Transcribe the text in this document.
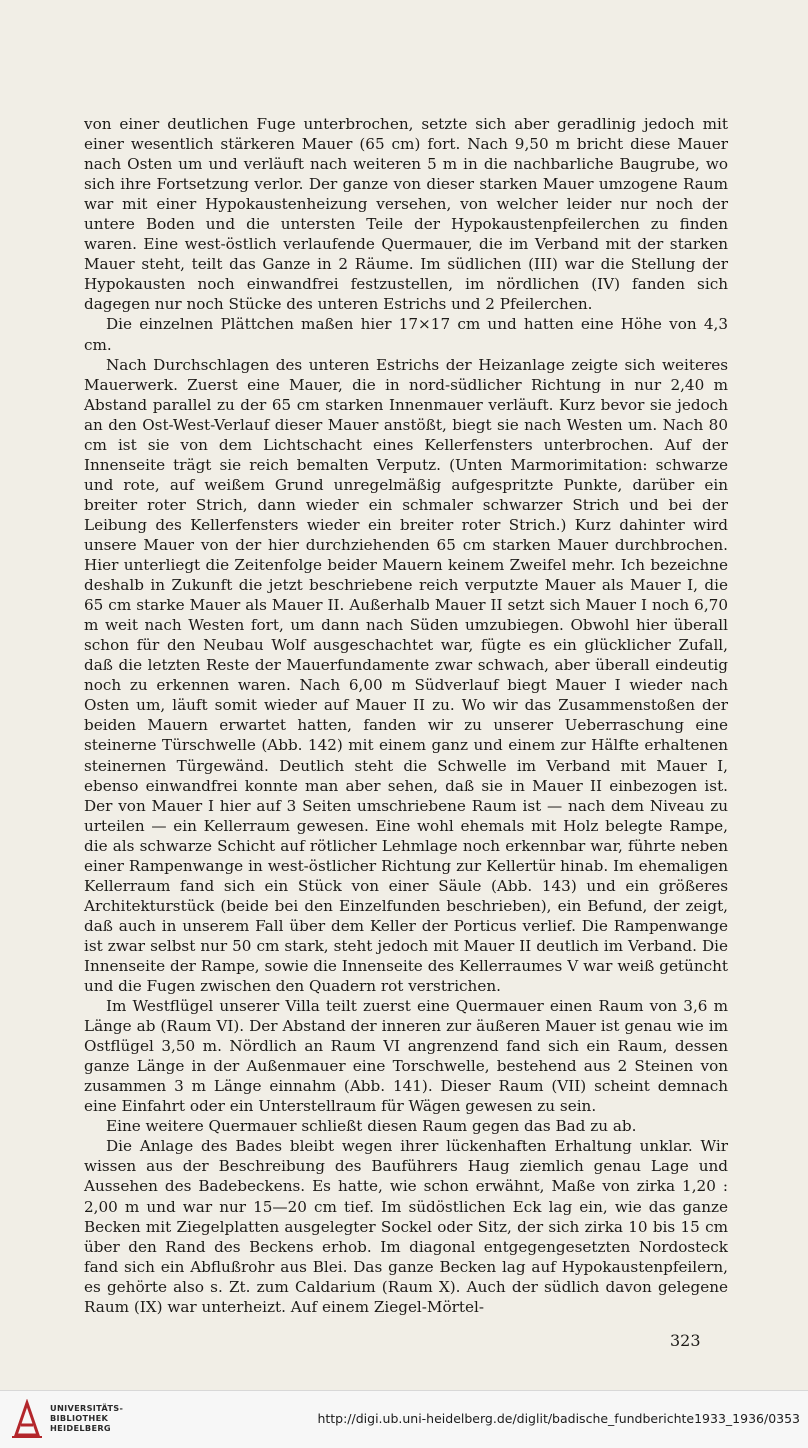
von einer deutlichen Fuge unterbrochen, setzte sich aber geradlinig jedoch mit einer wesentlich stärkeren Mauer (65 cm) fort. Nach 9,50 m bricht diese Mauer nach Osten um und verläuft nach weiteren 5 m in die nachbarliche Baugrube, wo sich ihre Fortsetzung verlor. Der ganze von dieser starken Mauer umzogene Raum war mit einer Hypokaustenheizung versehen, von welcher leider nur noch der untere Boden und die untersten Teile der Hypokaustenpfeilerchen zu finden waren. Eine west-östlich verlaufende Quermauer, die im Verband mit der starken Mauer steht, teilt das Ganze in 2 Räume. Im südlichen (III) war die Stellung der Hypokausten noch einwandfrei festzustellen, im nördlichen (IV) fanden sich dagegen nur noch Stücke des unteren Estrichs und 2 Pfeilerchen.

Die einzelnen Plättchen maßen hier 17×17 cm und hatten eine Höhe von 4,3 cm.

Nach Durchschlagen des unteren Estrichs der Heizanlage zeigte sich weiteres Mauerwerk. Zuerst eine Mauer, die in nord-südlicher Richtung in nur 2,40 m Abstand parallel zu der 65 cm starken Innenmauer verläuft. Kurz bevor sie jedoch an den Ost-West-Verlauf dieser Mauer anstößt, biegt sie nach Westen um. Nach 80 cm ist sie von dem Lichtschacht eines Kellerfensters unterbrochen. Auf der Innenseite trägt sie reich bemalten Verputz. (Unten Marmorimitation: schwarze und rote, auf weißem Grund unregelmäßig aufgespritzte Punkte, darüber ein breiter roter Strich, dann wieder ein schmaler schwarzer Strich und bei der Leibung des Kellerfensters wieder ein breiter roter Strich.) Kurz dahinter wird unsere Mauer von der hier durchziehenden 65 cm starken Mauer durchbrochen. Hier unterliegt die Zeitenfolge beider Mauern keinem Zweifel mehr. Ich bezeichne deshalb in Zukunft die jetzt beschriebene reich verputzte Mauer als Mauer I, die 65 cm starke Mauer als Mauer II. Außerhalb Mauer II setzt sich Mauer I noch 6,70 m weit nach Westen fort, um dann nach Süden umzubiegen. Obwohl hier überall schon für den Neubau Wolf ausgeschachtet war, fügte es ein glücklicher Zufall, daß die letzten Reste der Mauerfundamente zwar schwach, aber überall eindeutig noch zu erkennen waren. Nach 6,00 m Südverlauf biegt Mauer I wieder nach Osten um, läuft somit wieder auf Mauer II zu. Wo wir das Zusammenstoßen der beiden Mauern erwartet hatten, fanden wir zu unserer Ueberraschung eine steinerne Türschwelle (Abb. 142) mit einem ganz und einem zur Hälfte erhaltenen steinernen Türgewänd. Deutlich steht die Schwelle im Verband mit Mauer I, ebenso einwandfrei konnte man aber sehen, daß sie in Mauer II einbezogen ist. Der von Mauer I hier auf 3 Seiten umschriebene Raum ist — nach dem Niveau zu urteilen — ein Kellerraum gewesen. Eine wohl ehemals mit Holz belegte Rampe, die als schwarze Schicht auf rötlicher Lehmlage noch erkennbar war, führte neben einer Rampenwange in west-östlicher Richtung zur Kellertür hinab. Im ehemaligen Kellerraum fand sich ein Stück von einer Säule (Abb. 143) und ein größeres Architekturstück (beide bei den Einzelfunden beschrieben), ein Befund, der zeigt, daß auch in unserem Fall über dem Keller der Porticus verlief. Die Rampenwange ist zwar selbst nur 50 cm stark, steht jedoch mit Mauer II deutlich im Verband. Die Innenseite der Rampe, sowie die Innenseite des Kellerraumes V war weiß getüncht und die Fugen zwischen den Quadern rot verstrichen.

Im Westflügel unserer Villa teilt zuerst eine Quermauer einen Raum von 3,6 m Länge ab (Raum VI). Der Abstand der inneren zur äußeren Mauer ist genau wie im Ostflügel 3,50 m. Nördlich an Raum VI angrenzend fand sich ein Raum, dessen ganze Länge in der Außenmauer eine Torschwelle, bestehend aus 2 Steinen von zusammen 3 m Länge einnahm (Abb. 141). Dieser Raum (VII) scheint demnach eine Einfahrt oder ein Unterstellraum für Wägen gewesen zu sein.

Eine weitere Quermauer schließt diesen Raum gegen das Bad zu ab.

Die Anlage des Bades bleibt wegen ihrer lückenhaften Erhaltung unklar. Wir wissen aus der Beschreibung des Bauführers Haug ziemlich genau Lage und Aussehen des Badebeckens. Es hatte, wie schon erwähnt, Maße von zirka 1,20 : 2,00 m und war nur 15—20 cm tief. Im südöstlichen Eck lag ein, wie das ganze Becken mit Ziegelplatten ausgelegter Sockel oder Sitz, der sich zirka 10 bis 15 cm über den Rand des Beckens erhob. Im diagonal entgegengesetzten Nordosteck fand sich ein Abflußrohr aus Blei. Das ganze Becken lag auf Hypokaustenpfeilern, es gehörte also s. Zt. zum Caldarium (Raum X). Auch der südlich davon gelegene Raum (IX) war unterheizt. Auf einem Ziegel-Mörtel-

323
UNIVERSITÄTS-
BIBLIOTHEK
HEIDELBERG
http://digi.ub.uni-heidelberg.de/diglit/badische_fundberichte1933_1936/0353
